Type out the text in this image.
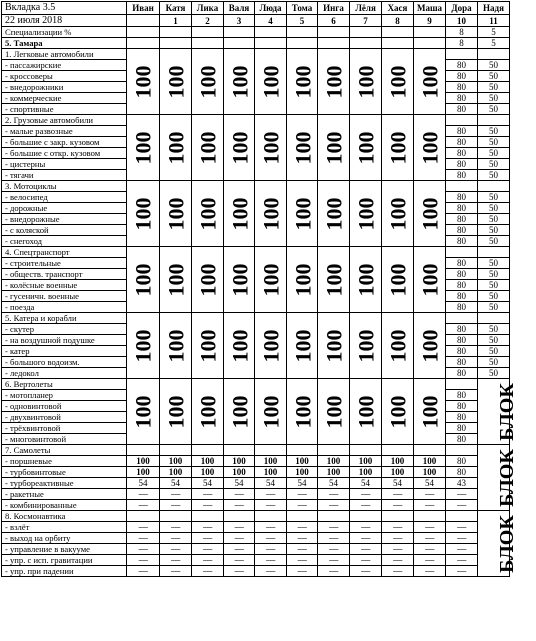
Вкладка 3.5	Иван	Катя	Лика	Валя	Люда	Тома	Инга	Лёля	Хася	Маша	Дора	Надя
22 июля 2018		1	2	3	4	5	6	7	8	9	10	11
Специализации %											8	5
5. Тамара											8	5
1. Легковые автомобили	100	100	100	100	100	100	100	100	100	100		
- пассажирские											80	50
- кроссоверы											80	50
- внедорожники											80	50
- коммерческие											80	50
- спортивные											80	50
2. Грузовые автомобили	100	100	100	100	100	100	100	100	100	100		
- малые развозные											80	50
- большие с закр. кузовом											80	50
- большие с откр. кузовом											80	50
- цистерны											80	50
- тягачи											80	50
3. Мотоциклы	100	100	100	100	100	100	100	100	100	100		
- велосипед											80	50
- дорожные											80	50
- внедорожные											80	50
- с коляской											80	50
- снегоход											80	50
4. Спецтранспорт	100	100	100	100	100	100	100	100	100	100		
- строительные											80	50
- обществ. транспорт											80	50
- колёсные военные											80	50
- гусеничн. военные											80	50
- поезда											80	50
5. Катера и корабли	100	100	100	100	100	100	100	100	100	100		
- скутер											80	50
- на воздушной подушке											80	50
- катер											80	50
- большого водоизм.											80	50
- ледокол											80	50
6. Вертолеты	100	100	100	100	100	100	100	100	100	100		БЛОК
- мотопланер											80	
- одновинтовой											80	
- двухвинтовой											80	
- трёхвинтовой											80	
- многовинтовой											80	
7. Самолеты												БЛОК
- поршневые	100	100	100	100	100	100	100	100	100	100	80	
- турбовинтовые	100	100	100	100	100	100	100	100	100	100	80	
- турбореактивные	54	54	54	54	54	54	54	54	54	54	43	
- ракетные	-----	-----	-----	-----	-----	-----	-----	-----	-----	-----	-----	
- комбинированные	-----	-----	-----	-----	-----	-----	-----	-----	-----	-----	-----	
8. Космонавтика												БЛОК
- взлёт	-----	-----	-----	-----	-----	-----	-----	-----	-----	-----	-----	
- выход на орбиту	-----	-----	-----	-----	-----	-----	-----	-----	-----	-----	-----	
- управление в вакууме	-----	-----	-----	-----	-----	-----	-----	-----	-----	-----	-----	
- упр. с исп. гравитации	-----	-----	-----	-----	-----	-----	-----	-----	-----	-----	-----	
- упр. при падении	-----	-----	-----	-----	-----	-----	-----	-----	-----	-----	-----	
